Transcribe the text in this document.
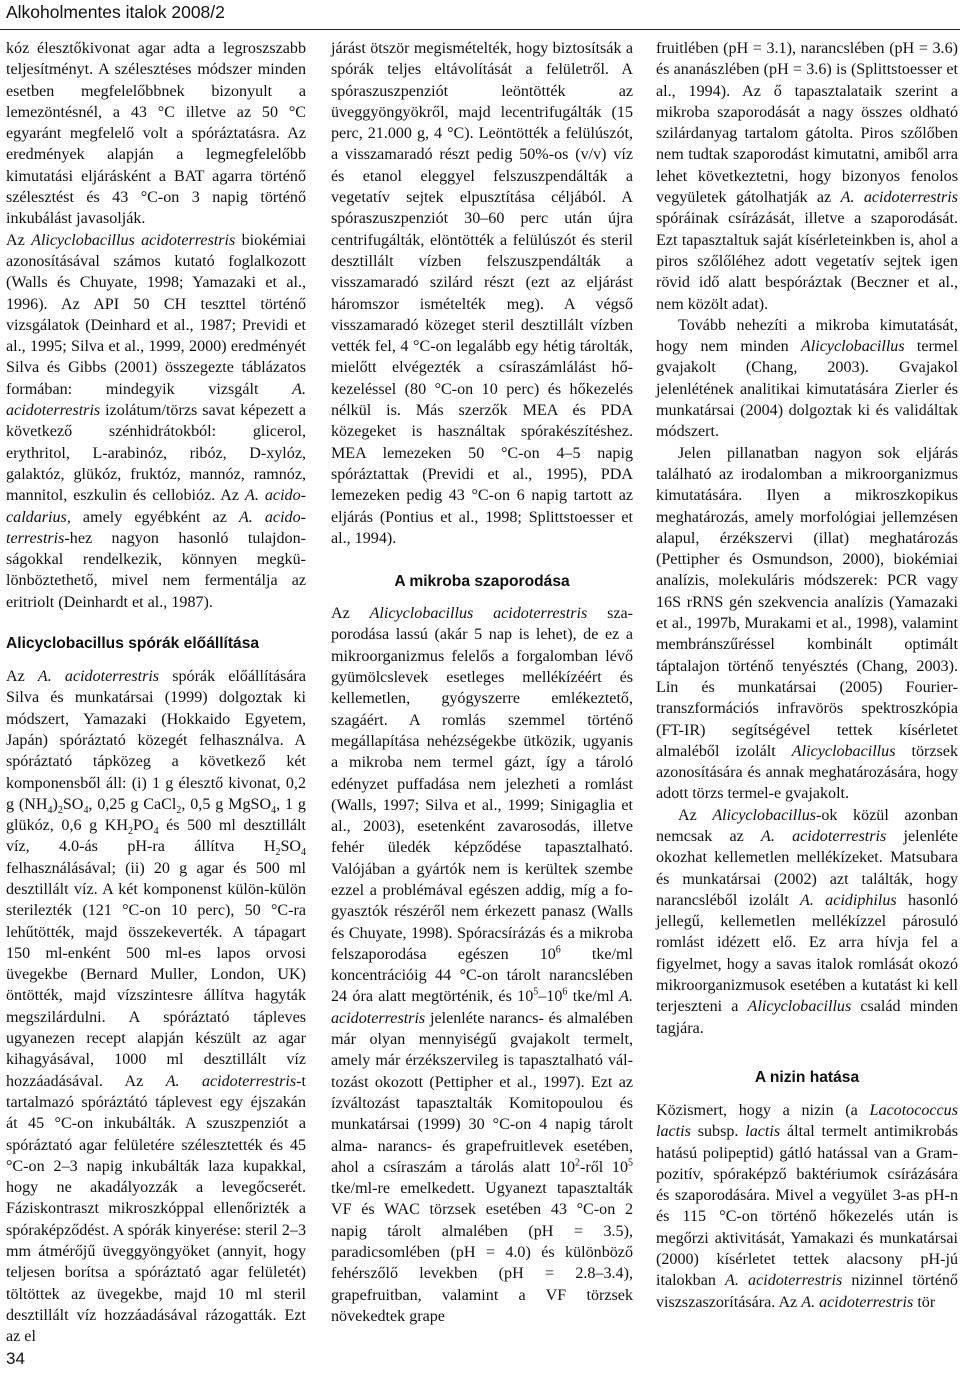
Alkoholmentes italok 2008/2

kóz élesztőkivonat agar adta a legroszszabb teljesítményt. A szélesztéses módszer minden esetben megfelelőbbnek bizonyult a lemezöntésnél, a 43 °C illetve az 50 °C egyaránt megfelelő volt a spóráztatásra. Az eredmények alapján a legmegfelelőbb kimutatási eljárásként a BAT agarra történő szélesztést és 43 °C-on 3 napig történő inkubálást javasolják.

Az Alicyclobacillus acidoterrestris biokémiai azonosításával számos kutató foglalkozott (Walls és Chuyate, 1998; Yamazaki et al., 1996). Az API 50 CH teszttel történő vizsgálatok (Deinhard et al., 1987; Previdi et al., 1995; Silva et al., 1999, 2000) eredményét Silva és Gibbs (2001) összegezte táblázatos formában: mindegyik vizsgált A. acidoterrestris izolátum/törzs savat képezett a következő szénhidrátokból: glicerol, erythritol, L-arabinóz, ribóz, D-xylóz, galaktóz, glükóz, fruktóz, mannóz, ramnóz, mannitol, eszkulin és cellobióz. Az A. acidocaldarius, amely egyébként az A. acidoterrestris-hez nagyon hasonló tulajdonságokkal rendelkezik, könnyen megkülönböztethető, mivel nem fermentálja az eritriolt (Deinhardt et al., 1987).

Alicyclobacillus spórák előállítása

Az A. acidoterrestris spórák előállítására Silva és munkatársai (1999) dolgoztak ki módszert, Yamazaki (Hokkaido Egyetem, Japán) spóráztató közegét felhasználva. A spóráztató tápközeg a következő két komponensből áll: (i) 1 g élesztő kivonat, 0,2 g $(NH_4)_2SO_4$, 0,25 g CaCl$_2$, 0,5 g MgSO$_4$, 1 g glükóz, 0,6 g $KH_2PO_4$ és 500 ml desztillált víz, 4.0-ás pH-ra állítva $H_2SO_4$ felhasználásával; (ii) 20 g agar és 500 ml desztillált víz. A két komponenst külön-külön sterilezték (121 °C-on 10 perc), 50 °C-ra lehűtötték, majd összekeverték. A tápagart 150 ml-enként 500 ml-es lapos orvosi üvegekbe (Bernard Muller, London, UK) öntötték, majd vízszintesre állítva hagyták megszilárdulni. A spóráztató tápleves ugyanezen recept alapján készült az agar kihagyásával, 1000 ml desztillált víz hozzáadásával. Az A. acidoterrestris-t tartalmazó spóráztátó táplevest egy éjszakán át 45 °C-on inkubálták. A szuszpenziót a spóráztató agar felületére szélesztették és 45 °C-on 2–3 napig inkubálták laza kupakkal, hogy ne akadályozzák a levegőcserét. Fáziskontraszt mikroszkóppal ellenőrizték a spóraképződést. A spórák kinyerése: steril 2–3 mm átmérőjű üveggyöngyöket (annyit, hogy teljesen borítsa a spóráztató agar felületét) töltöttek az üvegekbe, majd 10 ml steril desztillált víz hozzáadásával rázogatták. Ezt az el

járást ötször megismételték, hogy biztosítsák a spórák teljes eltávolítását a felületről. A spóraszuszpenziót leöntötték az üveggyöngyökről, majd lecentrifugálták (15 perc, 21.000 g, 4 °C). Leöntötték a felülúszót, a visszamaradó részt pedig 50%-os (v/v) víz és etanol eleggyel felszuszpendálták a vegetatív sejtek elpusztítása céljából. A spóraszuszpenziót 30–60 perc után újra centrifugálták, elöntötték a felülúszót és steril desztillált vízben felszuszpendálták a visszamaradó szilárd részt (ezt az eljárást háromszor ismételték meg). A végső visszamaradó közeget steril desztillált vízben vették fel, 4 °C-on legalább egy hétig tárolták, mielőtt elvégezték a csíraszámlálást hőkezeléssel (80 °C-on 10 perc) és hőkezelés nélkül is. Más szerzők MEA és PDA közegeket is használtak spórakészítéshez. MEA lemezeken 50 °C-on 4–5 napig spóráztattak (Previdi et al., 1995), PDA lemezeken pedig 43 °C-on 6 napig tartott az eljárás (Pontius et al., 1998; Splittstoesser et al., 1994).

A mikroba szaporodása

Az Alicyclobacillus acidoterrestris szaporodása lassú (akár 5 nap is lehet), de ez a mikroorganizmus felelős a forgalomban lévő gyümölcslevek esetleges mellékízéért és kellemetlen, gyógyszerre emlékeztető, szagáért. A romlás szemmel történő megállapítása nehézségekbe ütközik, ugyanis a mikroba nem termel gázt, így a tároló edényzet puffadása nem jelezheti a romlást (Walls, 1997; Silva et al., 1999; Sinigaglia et al., 2003), esetenként zavarosodás, illetve fehér üledék képződése tapasztalható. Valójában a gyártók nem is kerültek szembe ezzel a problémával egészen addig, míg a fogyasztók részéről nem érkezett panasz (Walls és Chuyate, 1998). Spóracsírázás és a mikroba felszaporodása egészen $10^6$ tke/ml koncentrációig 44 °C-on tárolt narancslében 24 óra alatt megtörténik, és $10^5-10^6$ tke/ml A. acidoterrestris jelenléte narancs- és almalében már olyan mennyiségű gvajakolt termelt, amely már érzékszervileg is tapasztalható változást okozott (Pettipher et al., 1997). Ezt az ízváltozást tapasztalták Komitopoulou és munkatársai (1999) 30 °C-on 4 napig tárolt alma- narancs- és grapefruitlevek esetében, ahol a csíraszám a tárolás alatt $10^2$-ről $10^5$ tke/ml-re emelkedett. Ugyanezt tapasztalták VF és WAC törzsek esetében 43 °C-on 2 napig tárolt almalében (pH = 3.5), paradicsomlében (pH = 4.0) és különböző fehérszőlő levekben (pH = 2.8–3.4), grapefruitban, valamint a VF törzsek növekedtek grape

fruitlében (pH = 3.1), narancslében (pH = 3.6) és ananászlében (pH = 3.6) is (Splittstoesser et al., 1994). Az ő tapasztalataik szerint a mikroba szaporodását a nagy összes oldható szilárdanyag tartalom gátolta. Piros szőlőben nem tudtak szaporodást kimutatni, amiből arra lehet következtetni, hogy bizonyos fenolos vegyületek gátolhatják az A. acidoterrestris spóráinak csírázását, illetve a szaporodását. Ezt tapasztaltuk saját kísérleteinkben is, ahol a piros szőlőléhez adott vegetatív sejtek igen rövid idő alatt bespóráztak (Beczner et al., nem közölt adat).

Tovább nehezíti a mikroba kimutatását, hogy nem minden Alicyclobacillus termel gvajakolt (Chang, 2003). Gvajakol jelenlétének analitikai kimutatására Zierler és munkatársai (2004) dolgoztak ki és validáltak módszert.

Jelen pillanatban nagyon sok eljárás található az irodalomban a mikroorganizmus kimutatására. Ilyen a mikroszkopikus meghatározás, amely morfológiai jellemzésen alapul, érzékszervi (illat) meghatározás (Pettipher és Osmundson, 2000), biokémiai analízis, molekuláris módszerek: PCR vagy 16S rRNS gén szekvencia analízis (Yamazaki et al., 1997b, Murakami et al., 1998), valamint membránszűréssel kombinált optimált táptalajon történő tenyésztés (Chang, 2003). Lin és munkatársai (2005) Fourier-transzformációs infravörös spektroszkópia (FT-IR) segítségével tettek kísérletet almaléből izolált Alicyclobacillus törzsek azonosítására és annak meghatározására, hogy adott törzs termel-e gvajakolt.

Az Alicyclobacillus-ok közül azonban nemcsak az A. acidoterrestris jelenléte okozhat kellemetlen mellékízeket. Matsubara és munkatársai (2002) azt találták, hogy narancsléből izolált A. acidiphilus hasonló jellegű, kellemetlen mellékízzel párosuló romlást idézett elő. Ez arra hívja fel a figyelmet, hogy a savas italok romlását okozó mikroorganizmusok esetében a kutatást ki kell terjeszteni a Alicyclobacillus család minden tagjára.

A nizin hatása

Közismert, hogy a nizin (a Lacotococcus lactis subsp. lactis által termelt antimikrobás hatású polipeptid) gátló hatással van a Gram-pozitív, spóraképző baktériumok csírázására és szaporodására. Mivel a vegyület 3-as pH-n és 115 °C-on történő hőkezelés után is megőrzi aktivitását, Yamakazi és munkatársai (2000) kísérletet tettek alacsony pH-jú italokban A. acidoterrestris nizinnel történő viszszaszorítására. Az A. acidoterrestris tör

34
